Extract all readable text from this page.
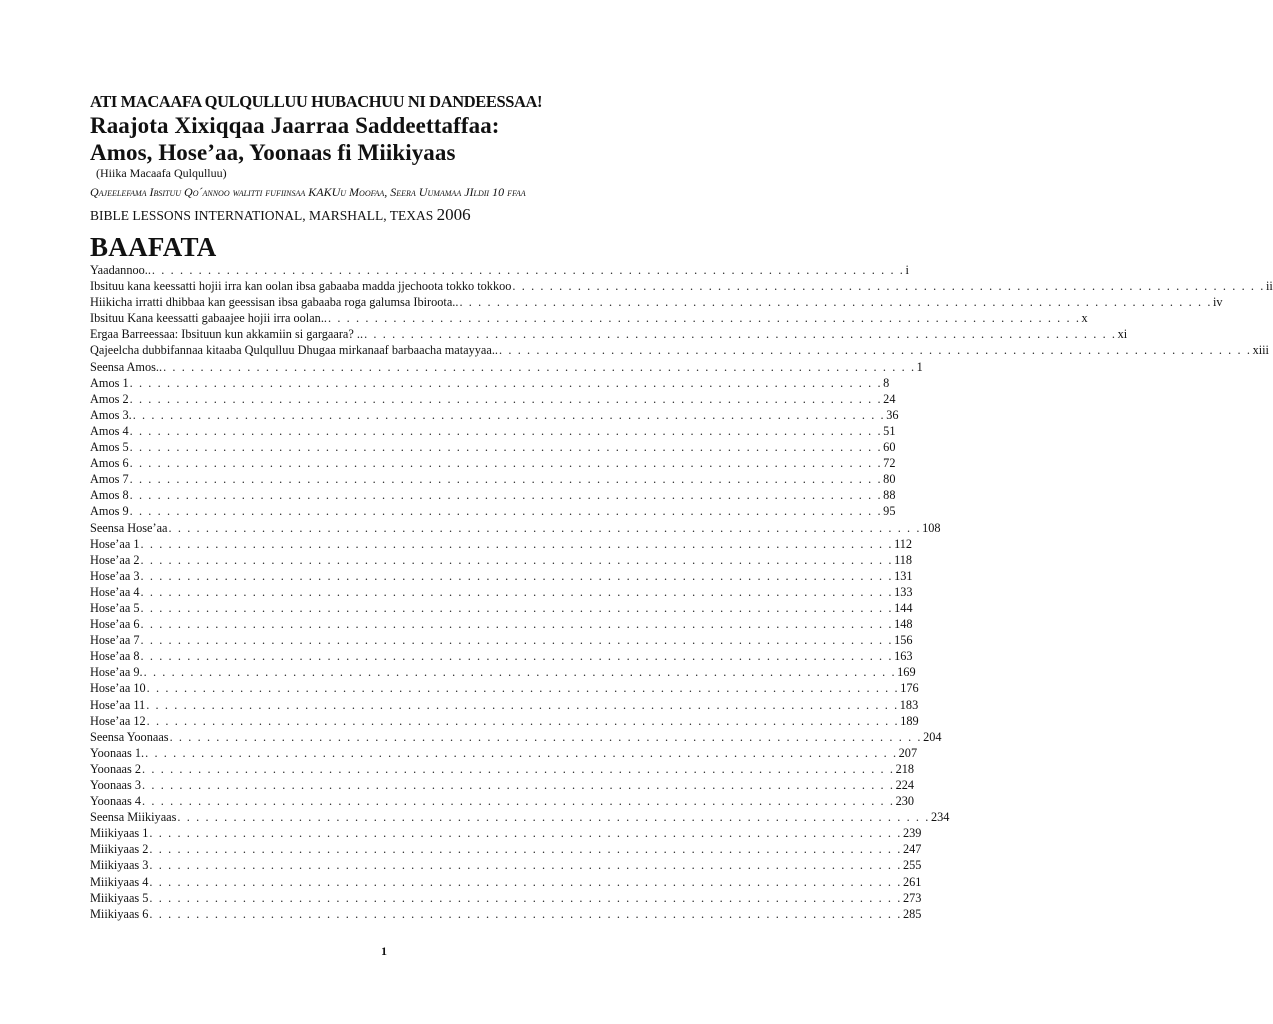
ATI MACAAFA QULQULLUU HUBACHUU NI DANDEESSAA!

Raajota Xixiqqaa Jaarraa Saddeettaffaa:

Amos, Hose’aa, Yoonaas fi Miikiyaas

(Hiika Macaafa Qulqulluu)

Qajeelefama Ibsituu Qo´annoo walitti fufiinsaa KAKUu Moofaa, Seera Uumamaa JIldii 10 ffaa

BIBLE LESSONS INTERNATIONAL, MARSHALL, TEXAS 2006

BAAFATA

Yaadannoo.. . . . . . . . . . . . . . . . . . . . . . . . . . . . . . . . . . . . . . . . . . . . . . . . . . . . . . . . . . . . . . . . . . . . . . . . . . . . . . . . . . i
Ibsituu kana keessatti hojii irra kan oolan ibsa gabaaba madda jjechoota tokko tokkoo . . . . . . . . . . . . . . . . . . . . . . . . . . . . . . . . . . . . . . . . . . . . . . . . . . . . . . . . . . . . . . . . . . . . . . . . . . . . . . . . . ii
Hiikicha irratti dhibbaa kan geessisan ibsa gabaaba roga galumsa Ibiroota.. . . . . . . . . . . . . . . . . . . . . . . . . . . . . . . . . . . . . . . . . . . . . . . . . . . . . . . . . . . . . . . . . . . . . . . . . . . . . . . . . . iv
Ibsituu Kana keessatti gabaajee hojii irra oolan.. . . . . . . . . . . . . . . . . . . . . . . . . . . . . . . . . . . . . . . . . . . . . . . . . . . . . . . . . . . . . . . . . . . . . . . . . . . . . . . . . . x
Ergaa Barreessaa: Ibsituun kun akkamiin si gargaara? .. . . . . . . . . . . . . . . . . . . . . . . . . . . . . . . . . . . . . . . . . . . . . . . . . . . . . . . . . . . . . . . . . . . . . . . . . . . . . . . . . . xi
Qajeelcha dubbifannaa kitaaba Qulqulluu Dhugaa mirkanaaf barbaacha matayyaa.. . . . . . . . . . . . . . . . . . . . . . . . . . . . . . . . . . . . . . . . . . . . . . . . . . . . . . . . . . . . . . . . . . . . . . . . . . . . . . . . . . xiii
Seensa Amos.. . . . . . . . . . . . . . . . . . . . . . . . . . . . . . . . . . . . . . . . . . . . . . . . . . . . . . . . . . . . . . . . . . . . . . . . . . . . . . . . . . 1
Amos 1 . . . . . . . . . . . . . . . . . . . . . . . . . . . . . . . . . . . . . . . . . . . . . . . . . . . . . . . . . . . . . . . . . . . . . . . . . . . . . . . . . 8
Amos 2 . . . . . . . . . . . . . . . . . . . . . . . . . . . . . . . . . . . . . . . . . . . . . . . . . . . . . . . . . . . . . . . . . . . . . . . . . . . . . . . . . 24
Amos 3. . . . . . . . . . . . . . . . . . . . . . . . . . . . . . . . . . . . . . . . . . . . . . . . . . . . . . . . . . . . . . . . . . . . . . . . . . . . . . . . . . 36
Amos 4 . . . . . . . . . . . . . . . . . . . . . . . . . . . . . . . . . . . . . . . . . . . . . . . . . . . . . . . . . . . . . . . . . . . . . . . . . . . . . . . . . 51
Amos 5 . . . . . . . . . . . . . . . . . . . . . . . . . . . . . . . . . . . . . . . . . . . . . . . . . . . . . . . . . . . . . . . . . . . . . . . . . . . . . . . . . 60
Amos 6 . . . . . . . . . . . . . . . . . . . . . . . . . . . . . . . . . . . . . . . . . . . . . . . . . . . . . . . . . . . . . . . . . . . . . . . . . . . . . . . . . 72
Amos 7 . . . . . . . . . . . . . . . . . . . . . . . . . . . . . . . . . . . . . . . . . . . . . . . . . . . . . . . . . . . . . . . . . . . . . . . . . . . . . . . . . 80
Amos 8 . . . . . . . . . . . . . . . . . . . . . . . . . . . . . . . . . . . . . . . . . . . . . . . . . . . . . . . . . . . . . . . . . . . . . . . . . . . . . . . . . 88
Amos 9 . . . . . . . . . . . . . . . . . . . . . . . . . . . . . . . . . . . . . . . . . . . . . . . . . . . . . . . . . . . . . . . . . . . . . . . . . . . . . . . . . 95
Seensa Hose’aa . . . . . . . . . . . . . . . . . . . . . . . . . . . . . . . . . . . . . . . . . . . . . . . . . . . . . . . . . . . . . . . . . . . . . . . . . . . . . . . . . 108
Hose’aa 1 . . . . . . . . . . . . . . . . . . . . . . . . . . . . . . . . . . . . . . . . . . . . . . . . . . . . . . . . . . . . . . . . . . . . . . . . . . . . . . . . . 112
Hose’aa 2 . . . . . . . . . . . . . . . . . . . . . . . . . . . . . . . . . . . . . . . . . . . . . . . . . . . . . . . . . . . . . . . . . . . . . . . . . . . . . . . . . 118
Hose’aa 3 . . . . . . . . . . . . . . . . . . . . . . . . . . . . . . . . . . . . . . . . . . . . . . . . . . . . . . . . . . . . . . . . . . . . . . . . . . . . . . . . . 131
Hose’aa 4 . . . . . . . . . . . . . . . . . . . . . . . . . . . . . . . . . . . . . . . . . . . . . . . . . . . . . . . . . . . . . . . . . . . . . . . . . . . . . . . . . 133
Hose’aa 5 . . . . . . . . . . . . . . . . . . . . . . . . . . . . . . . . . . . . . . . . . . . . . . . . . . . . . . . . . . . . . . . . . . . . . . . . . . . . . . . . . 144
Hose’aa 6 . . . . . . . . . . . . . . . . . . . . . . . . . . . . . . . . . . . . . . . . . . . . . . . . . . . . . . . . . . . . . . . . . . . . . . . . . . . . . . . . . 148
Hose’aa 7 . . . . . . . . . . . . . . . . . . . . . . . . . . . . . . . . . . . . . . . . . . . . . . . . . . . . . . . . . . . . . . . . . . . . . . . . . . . . . . . . . 156
Hose’aa 8 . . . . . . . . . . . . . . . . . . . . . . . . . . . . . . . . . . . . . . . . . . . . . . . . . . . . . . . . . . . . . . . . . . . . . . . . . . . . . . . . . 163
Hose’aa 9. . . . . . . . . . . . . . . . . . . . . . . . . . . . . . . . . . . . . . . . . . . . . . . . . . . . . . . . . . . . . . . . . . . . . . . . . . . . . . . . . . 169
Hose’aa 10 . . . . . . . . . . . . . . . . . . . . . . . . . . . . . . . . . . . . . . . . . . . . . . . . . . . . . . . . . . . . . . . . . . . . . . . . . . . . . . . . . 176
Hose’aa 11 . . . . . . . . . . . . . . . . . . . . . . . . . . . . . . . . . . . . . . . . . . . . . . . . . . . . . . . . . . . . . . . . . . . . . . . . . . . . . . . . . 183
Hose’aa 12 . . . . . . . . . . . . . . . . . . . . . . . . . . . . . . . . . . . . . . . . . . . . . . . . . . . . . . . . . . . . . . . . . . . . . . . . . . . . . . . . . 189
Seensa Yoonaas . . . . . . . . . . . . . . . . . . . . . . . . . . . . . . . . . . . . . . . . . . . . . . . . . . . . . . . . . . . . . . . . . . . . . . . . . . . . . . . . . 204
Yoonaas 1. . . . . . . . . . . . . . . . . . . . . . . . . . . . . . . . . . . . . . . . . . . . . . . . . . . . . . . . . . . . . . . . . . . . . . . . . . . . . . . . . . 207
Yoonaas 2 . . . . . . . . . . . . . . . . . . . . . . . . . . . . . . . . . . . . . . . . . . . . . . . . . . . . . . . . . . . . . . . . . . . . . . . . . . . . . . . . . 218
Yoonaas 3 . . . . . . . . . . . . . . . . . . . . . . . . . . . . . . . . . . . . . . . . . . . . . . . . . . . . . . . . . . . . . . . . . . . . . . . . . . . . . . . . . 224
Yoonaas 4 . . . . . . . . . . . . . . . . . . . . . . . . . . . . . . . . . . . . . . . . . . . . . . . . . . . . . . . . . . . . . . . . . . . . . . . . . . . . . . . . . 230
Seensa Miikiyaas . . . . . . . . . . . . . . . . . . . . . . . . . . . . . . . . . . . . . . . . . . . . . . . . . . . . . . . . . . . . . . . . . . . . . . . . . . . . . . . . . 234
Miikiyaas 1 . . . . . . . . . . . . . . . . . . . . . . . . . . . . . . . . . . . . . . . . . . . . . . . . . . . . . . . . . . . . . . . . . . . . . . . . . . . . . . . . . 239
Miikiyaas 2 . . . . . . . . . . . . . . . . . . . . . . . . . . . . . . . . . . . . . . . . . . . . . . . . . . . . . . . . . . . . . . . . . . . . . . . . . . . . . . . . . 247
Miikiyaas 3 . . . . . . . . . . . . . . . . . . . . . . . . . . . . . . . . . . . . . . . . . . . . . . . . . . . . . . . . . . . . . . . . . . . . . . . . . . . . . . . . . 255
Miikiyaas 4 . . . . . . . . . . . . . . . . . . . . . . . . . . . . . . . . . . . . . . . . . . . . . . . . . . . . . . . . . . . . . . . . . . . . . . . . . . . . . . . . . 261
Miikiyaas 5 . . . . . . . . . . . . . . . . . . . . . . . . . . . . . . . . . . . . . . . . . . . . . . . . . . . . . . . . . . . . . . . . . . . . . . . . . . . . . . . . . 273
Miikiyaas 6 . . . . . . . . . . . . . . . . . . . . . . . . . . . . . . . . . . . . . . . . . . . . . . . . . . . . . . . . . . . . . . . . . . . . . . . . . . . . . . . . . 285
1
